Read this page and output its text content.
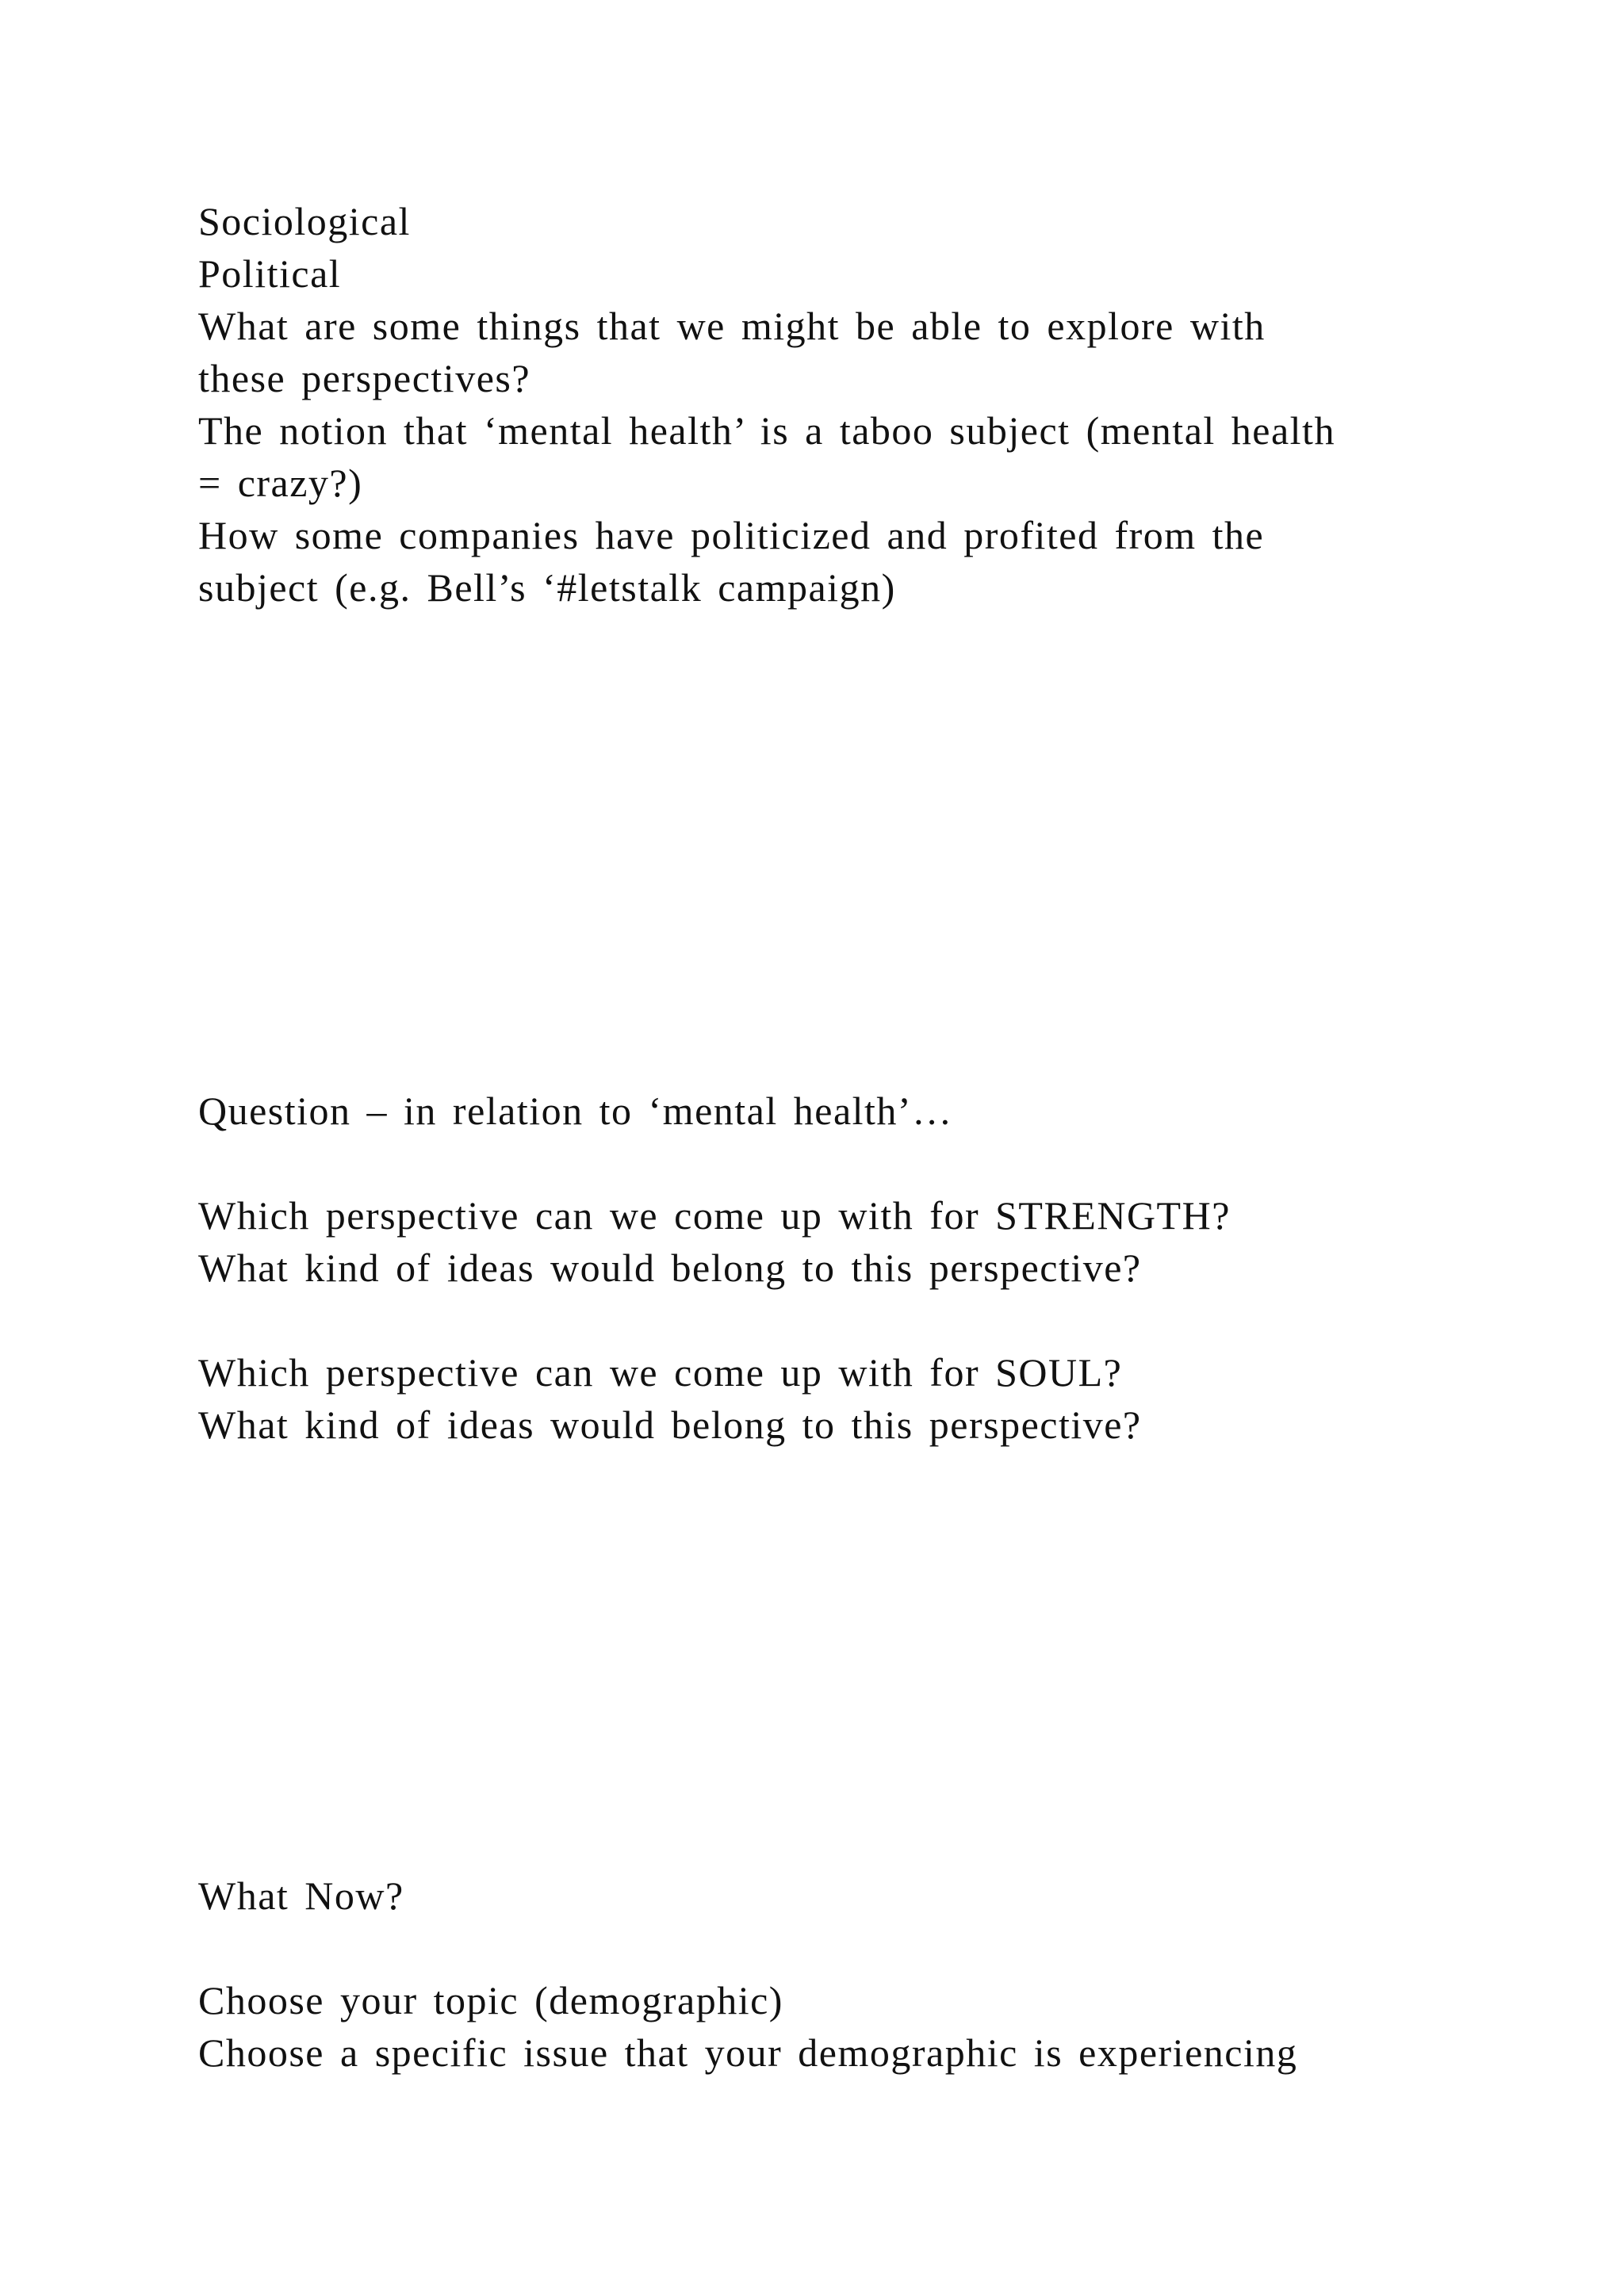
Sociological
Political
What are some things that we might be able to explore with
these perspectives?
The notion that ‘mental health’ is a taboo subject (mental health
= crazy?)
How some companies have politicized and profited from the
subject (e.g. Bell’s ‘#letstalk campaign)
Question – in relation to ‘mental health’…
Which perspective can we come up with for STRENGTH?
What kind of ideas would belong to this perspective?
Which perspective can we come up with for SOUL?
What kind of ideas would belong to this perspective?
What Now?
Choose your topic (demographic)
Choose a specific issue that your demographic is experiencing
